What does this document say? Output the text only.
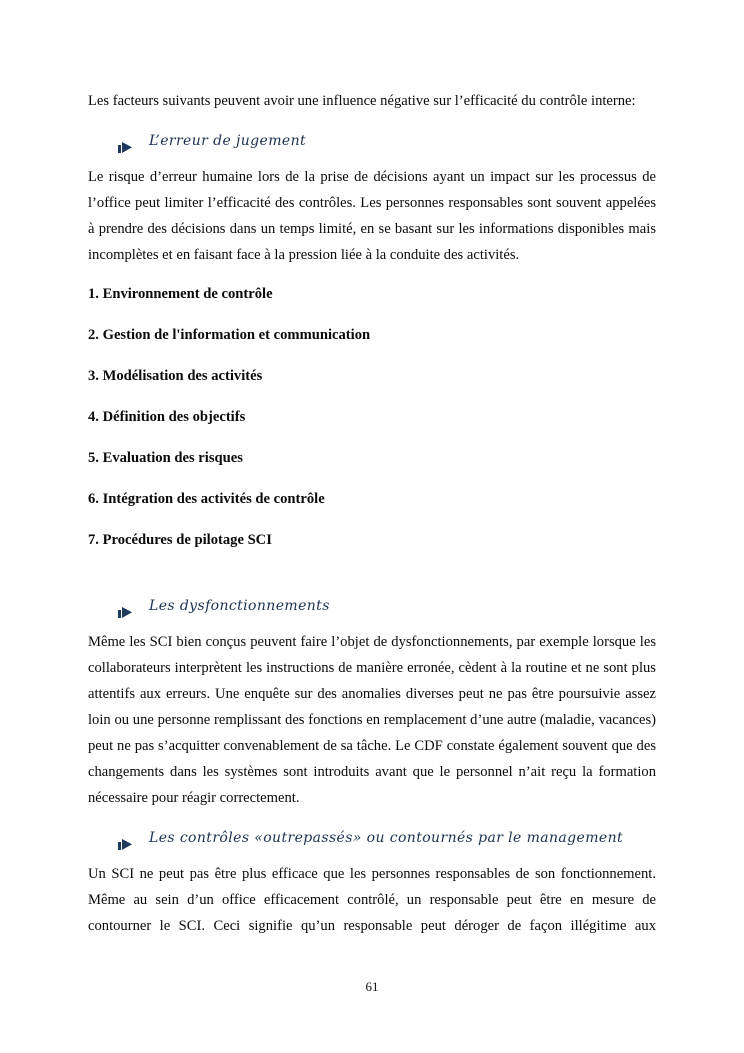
Les facteurs suivants peuvent avoir une influence négative sur l’efficacité du contrôle interne:

L’erreur de jugement

Le risque d’erreur humaine lors de la prise de décisions ayant un impact sur les processus de l’office peut limiter l’efficacité des contrôles. Les personnes responsables sont souvent appelées à prendre des décisions dans un temps limité, en se basant sur les informations disponibles mais incomplètes et en faisant face à la pression liée à la conduite des activités.

1. Environnement de contrôle
2. Gestion de l'information et communication
3. Modélisation des activités
4. Définition des objectifs
5. Evaluation des risques
6. Intégration des activités de contrôle
7. Procédures de pilotage SCI
Les dysfonctionnements

Même les SCI bien conçus peuvent faire l’objet de dysfonctionnements, par exemple lorsque les collaborateurs interprètent les instructions de manière erronée, cèdent à la routine et ne sont plus attentifs aux erreurs. Une enquête sur des anomalies diverses peut ne pas être poursuivie assez loin ou une personne remplissant des fonctions en remplacement d’une autre (maladie, vacances) peut ne pas s’acquitter convenablement de sa tâche. Le CDF constate également souvent que des changements dans les systèmes sont introduits avant que le personnel n’ait reçu la formation nécessaire pour réagir correctement.

Les contrôles «outrepassés» ou contournés par le management

Un SCI ne peut pas être plus efficace que les personnes responsables de son fonctionnement. Même au sein d’un office efficacement contrôlé, un responsable peut être en mesure de contourner le SCI. Ceci signifie qu’un responsable peut déroger de façon illégitime aux

61
